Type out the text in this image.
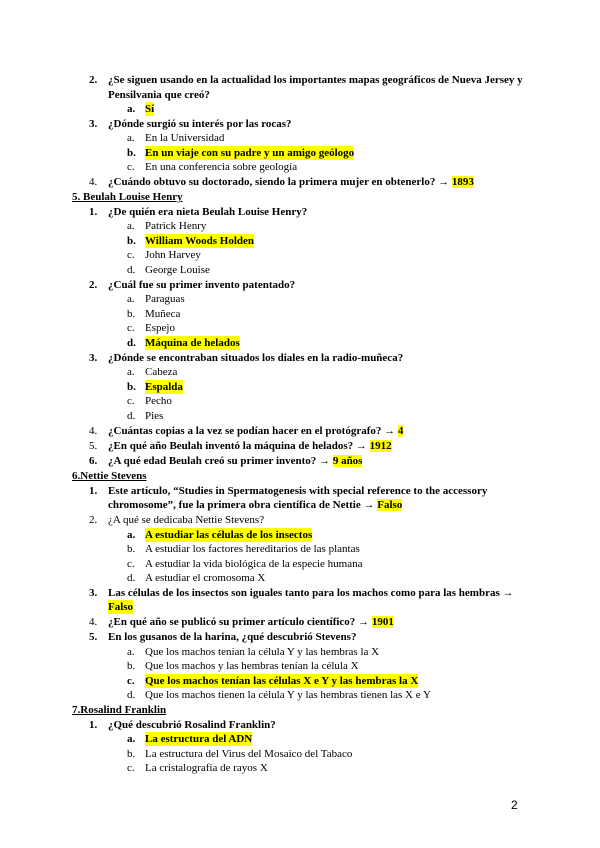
2. ¿Se siguen usando en la actualidad los importantes mapas geográficos de Nueva Jersey y
Pensilvania que creó?
a. Sí
3. ¿Dónde surgió su interés por las rocas?
a. En la Universidad
b. En un viaje con su padre y un amigo geólogo
c. En una conferencia sobre geología
4. ¿Cuándo obtuvo su doctorado, siendo la primera mujer en obtenerlo? → 1893
5. Beulah Louise Henry
1. ¿De quién era nieta Beulah Louise Henry?
a. Patrick Henry
b. William Woods Holden
c. John Harvey
d. George Louise
2. ¿Cuál fue su primer invento patentado?
a. Paraguas
b. Muñeca
c. Espejo
d. Máquina de helados
3. ¿Dónde se encontraban situados los diales en la radio-muñeca?
a. Cabeza
b. Espalda
c. Pecho
d. Pies
4. ¿Cuántas copias a la vez se podían hacer en el protógrafo? → 4
5. ¿En qué año Beulah inventó la máquina de helados? → 1912
6. ¿A qué edad Beulah creó su primer invento? → 9 años
6.Nettie Stevens
1. Este artículo, “Studies in Spermatogenesis with special reference to the accessory
chromosome”, fue la primera obra científica de Nettie → Falso
2. ¿A qué se dedicaba Nettie Stevens?
a. A estudiar las células de los insectos
b. A estudiar los factores hereditarios de las plantas
c. A estudiar la vida biológica de la especie humana
d. A estudiar el cromosoma X
3. Las células de los insectos son iguales tanto para los machos como para las hembras →
Falso
4. ¿En qué año se publicó su primer artículo científico? → 1901
5. En los gusanos de la harina, ¿qué descubrió Stevens?
a. Que los machos tenían la célula Y y las hembras la X
b. Que los machos y las hembras tenían la célula X
c. Que los machos tenían las células X e Y y las hembras la X
d. Que los machos tienen la célula Y y las hembras tienen las X e Y
7.Rosalind Franklin
1. ¿Qué descubrió Rosalind Franklin?
a. La estructura del ADN
b. La estructura del Virus del Mosaico del Tabaco
c. La cristalografía de rayos X
2
